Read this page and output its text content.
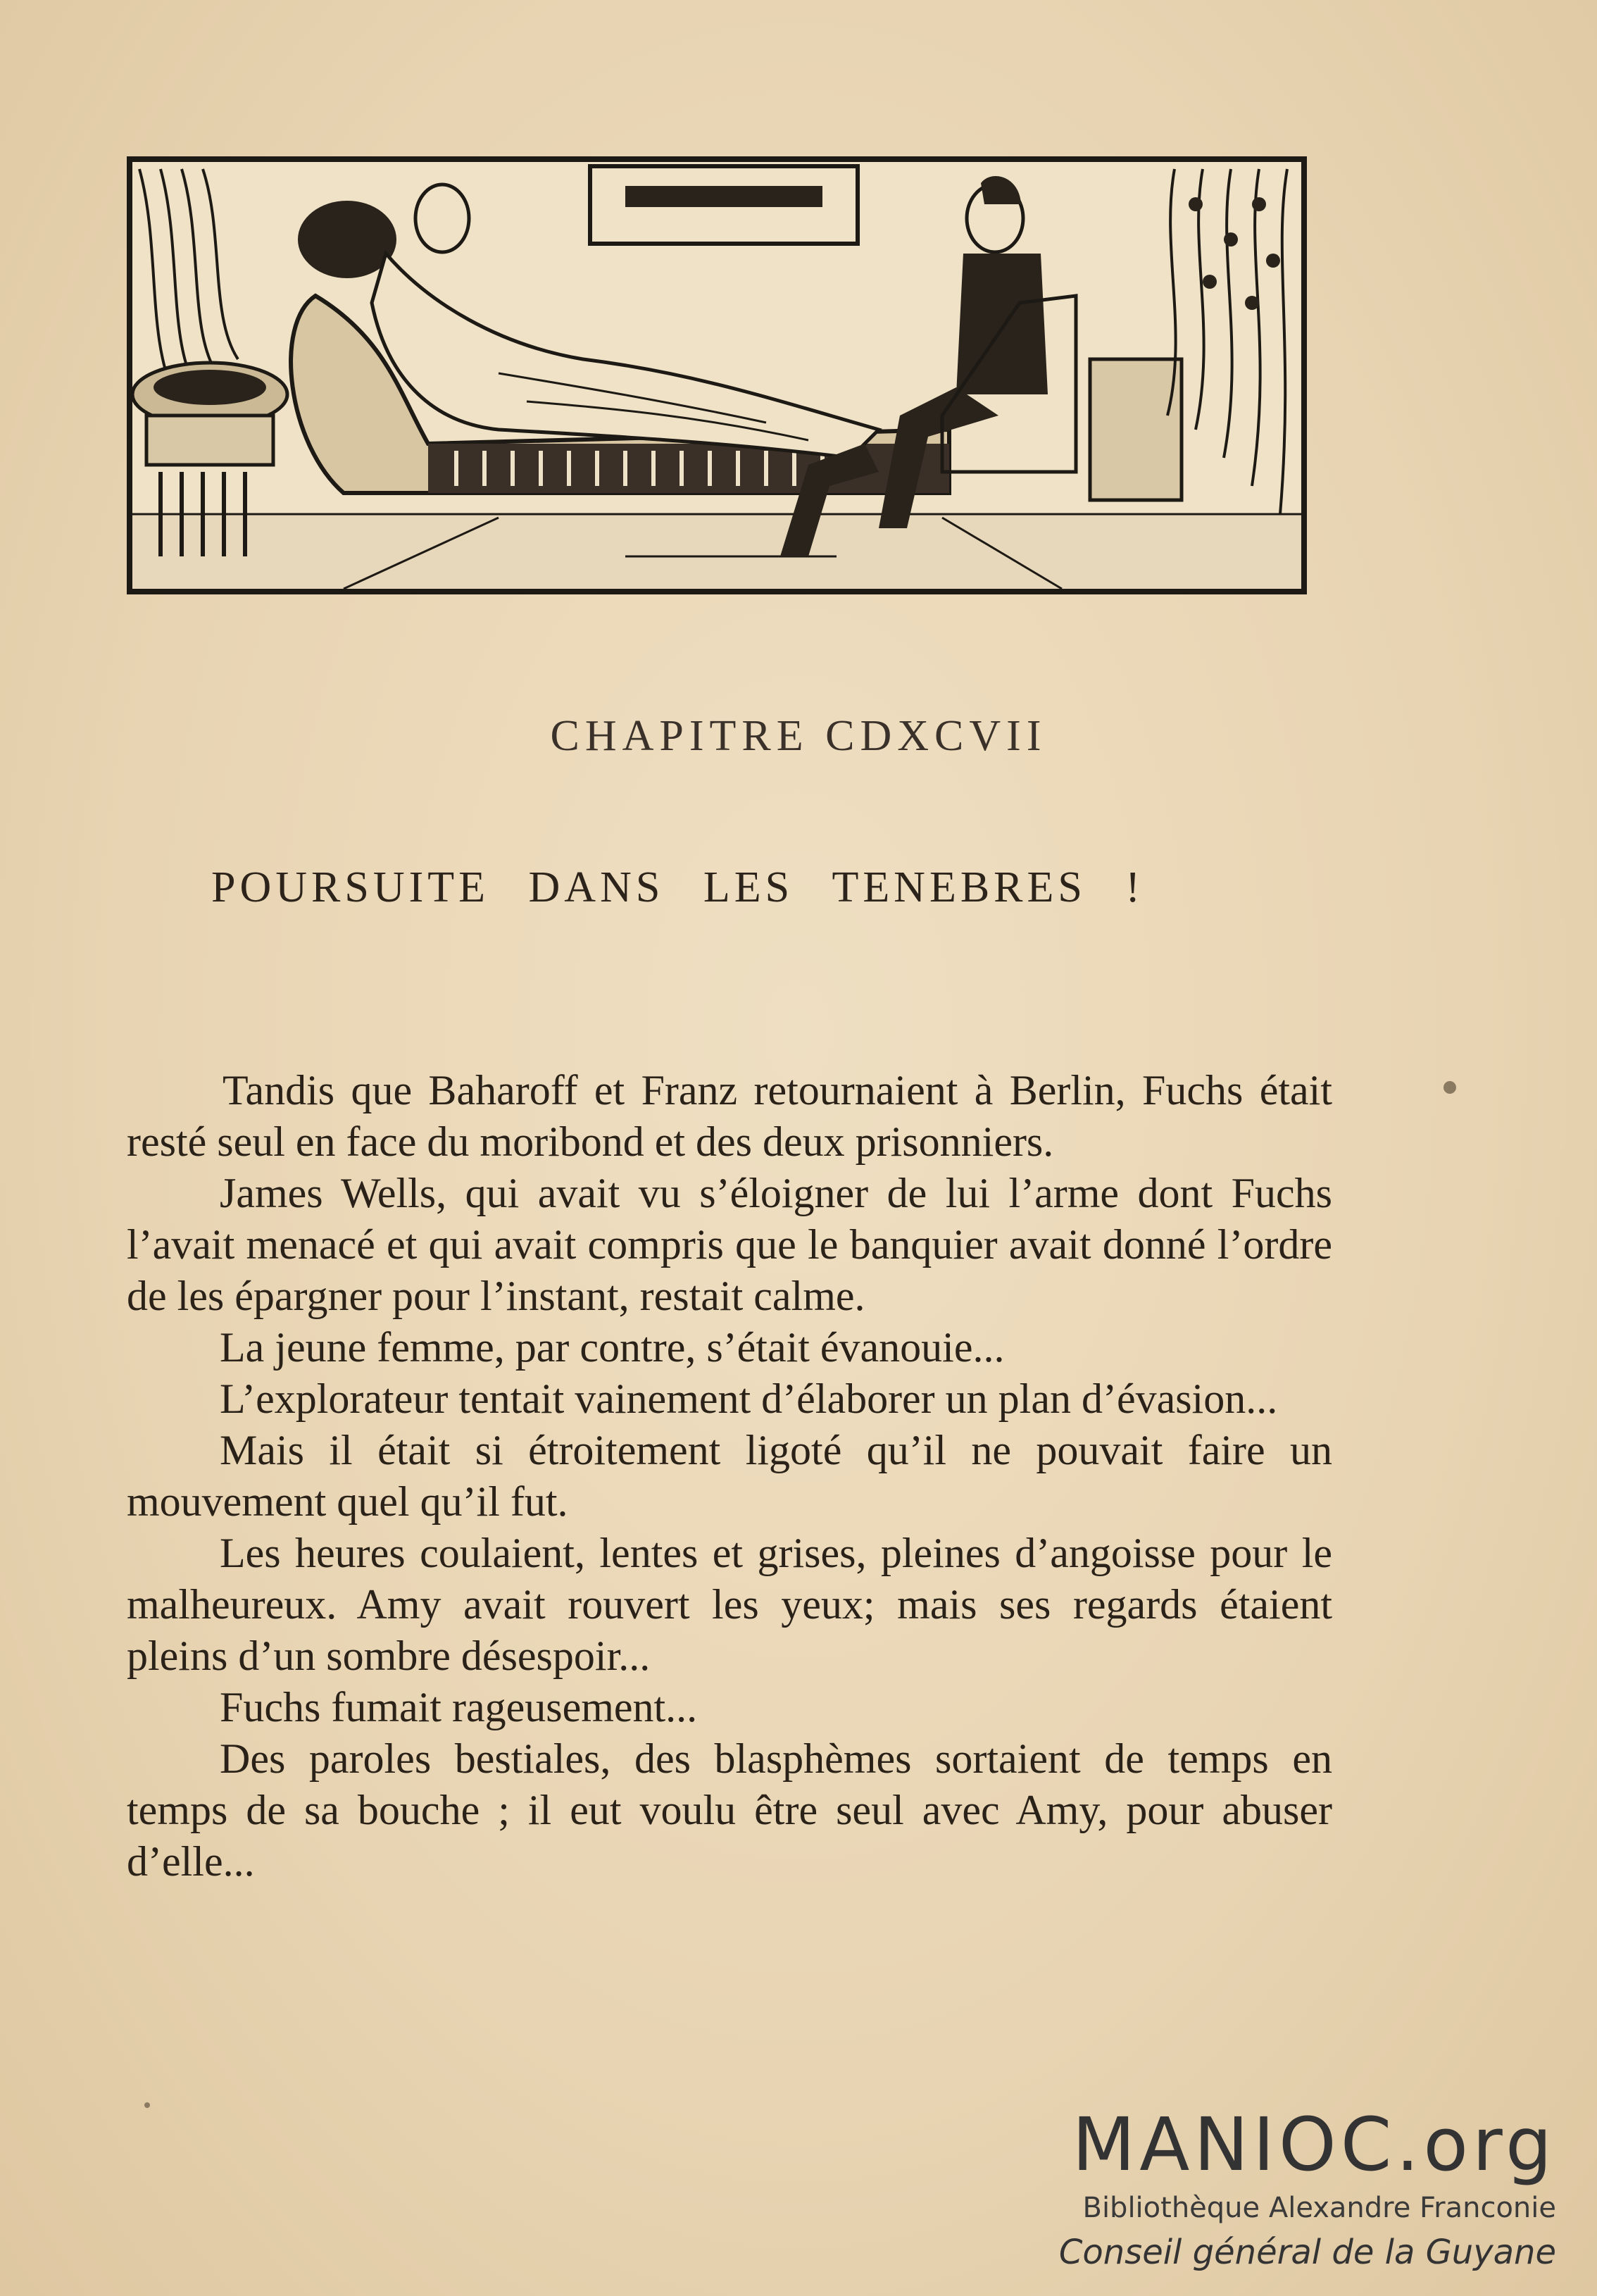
CHAPITRE CDXCVII
POURSUITE DANS LES TENEBRES !

Tandis que Baharoff et Franz retournaient à Berlin, Fuchs était resté seul en face du moribond et des deux prisonniers.

James Wells, qui avait vu s’éloigner de lui l’arme dont Fuchs l’avait menacé et qui avait compris que le banquier avait donné l’ordre de les épargner pour l’instant, restait calme.

La jeune femme, par contre, s’était évanouie...

L’explorateur tentait vainement d’élaborer un plan d’évasion...

Mais il était si étroitement ligoté qu’il ne pouvait faire un mouvement quel qu’il fut.

Les heures coulaient, lentes et grises, pleines d’angoisse pour le malheureux. Amy avait rouvert les yeux; mais ses regards étaient pleins d’un sombre désespoir...

Fuchs fumait rageusement...

Des paroles bestiales, des blasphèmes sortaient de temps en temps de sa bouche ; il eut voulu être seul avec Amy, pour abuser d’elle...

MANIOC.org
Bibliothèque Alexandre Franconie
Conseil général de la Guyane
